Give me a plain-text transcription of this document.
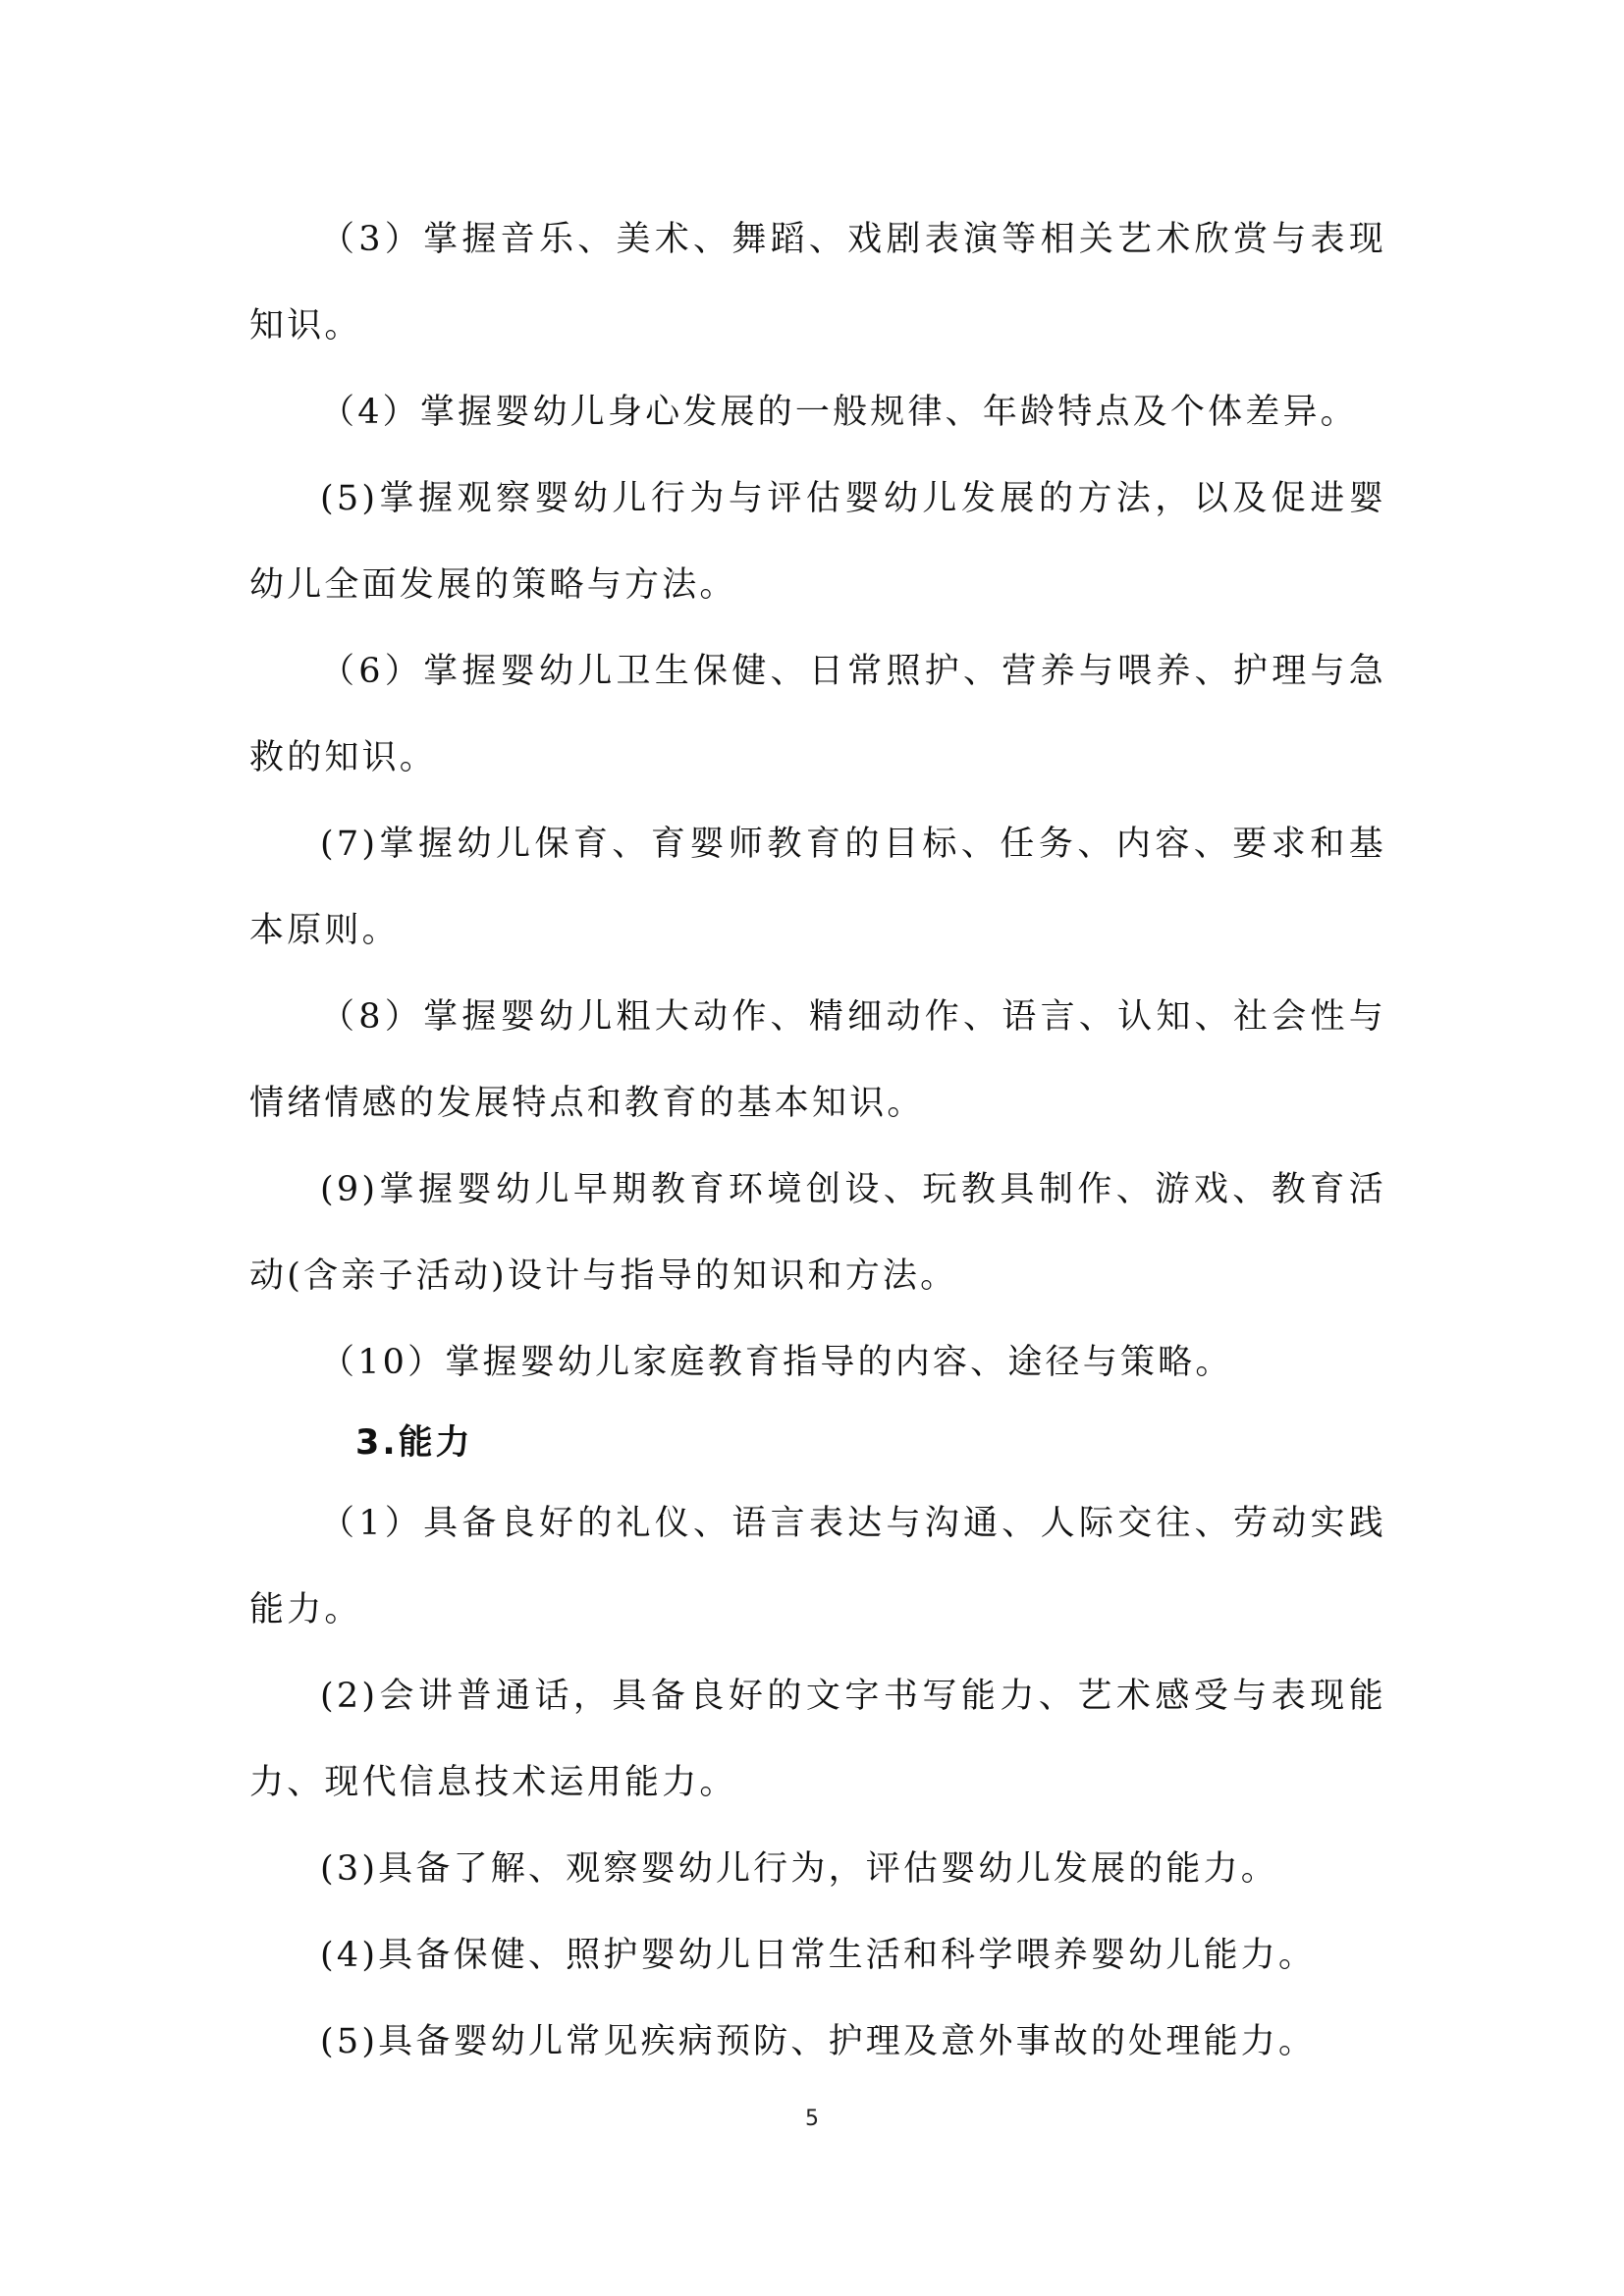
（3）掌握音乐、美术、舞蹈、戏剧表演等相关艺术欣赏与表现知识。

（4）掌握婴幼儿身心发展的一般规律、年龄特点及个体差异。

(5)掌握观察婴幼儿行为与评估婴幼儿发展的方法，以及促进婴幼儿全面发展的策略与方法。

（6）掌握婴幼儿卫生保健、日常照护、营养与喂养、护理与急救的知识。

(7)掌握幼儿保育、育婴师教育的目标、任务、内容、要求和基本原则。

（8）掌握婴幼儿粗大动作、精细动作、语言、认知、社会性与情绪情感的发展特点和教育的基本知识。

(9)掌握婴幼儿早期教育环境创设、玩教具制作、游戏、教育活动(含亲子活动)设计与指导的知识和方法。

（10）掌握婴幼儿家庭教育指导的内容、途径与策略。

3.能力

（1）具备良好的礼仪、语言表达与沟通、人际交往、劳动实践能力。

(2)会讲普通话，具备良好的文字书写能力、艺术感受与表现能力、现代信息技术运用能力。

(3)具备了解、观察婴幼儿行为，评估婴幼儿发展的能力。

(4)具备保健、照护婴幼儿日常生活和科学喂养婴幼儿能力。

(5)具备婴幼儿常见疾病预防、护理及意外事故的处理能力。

5
